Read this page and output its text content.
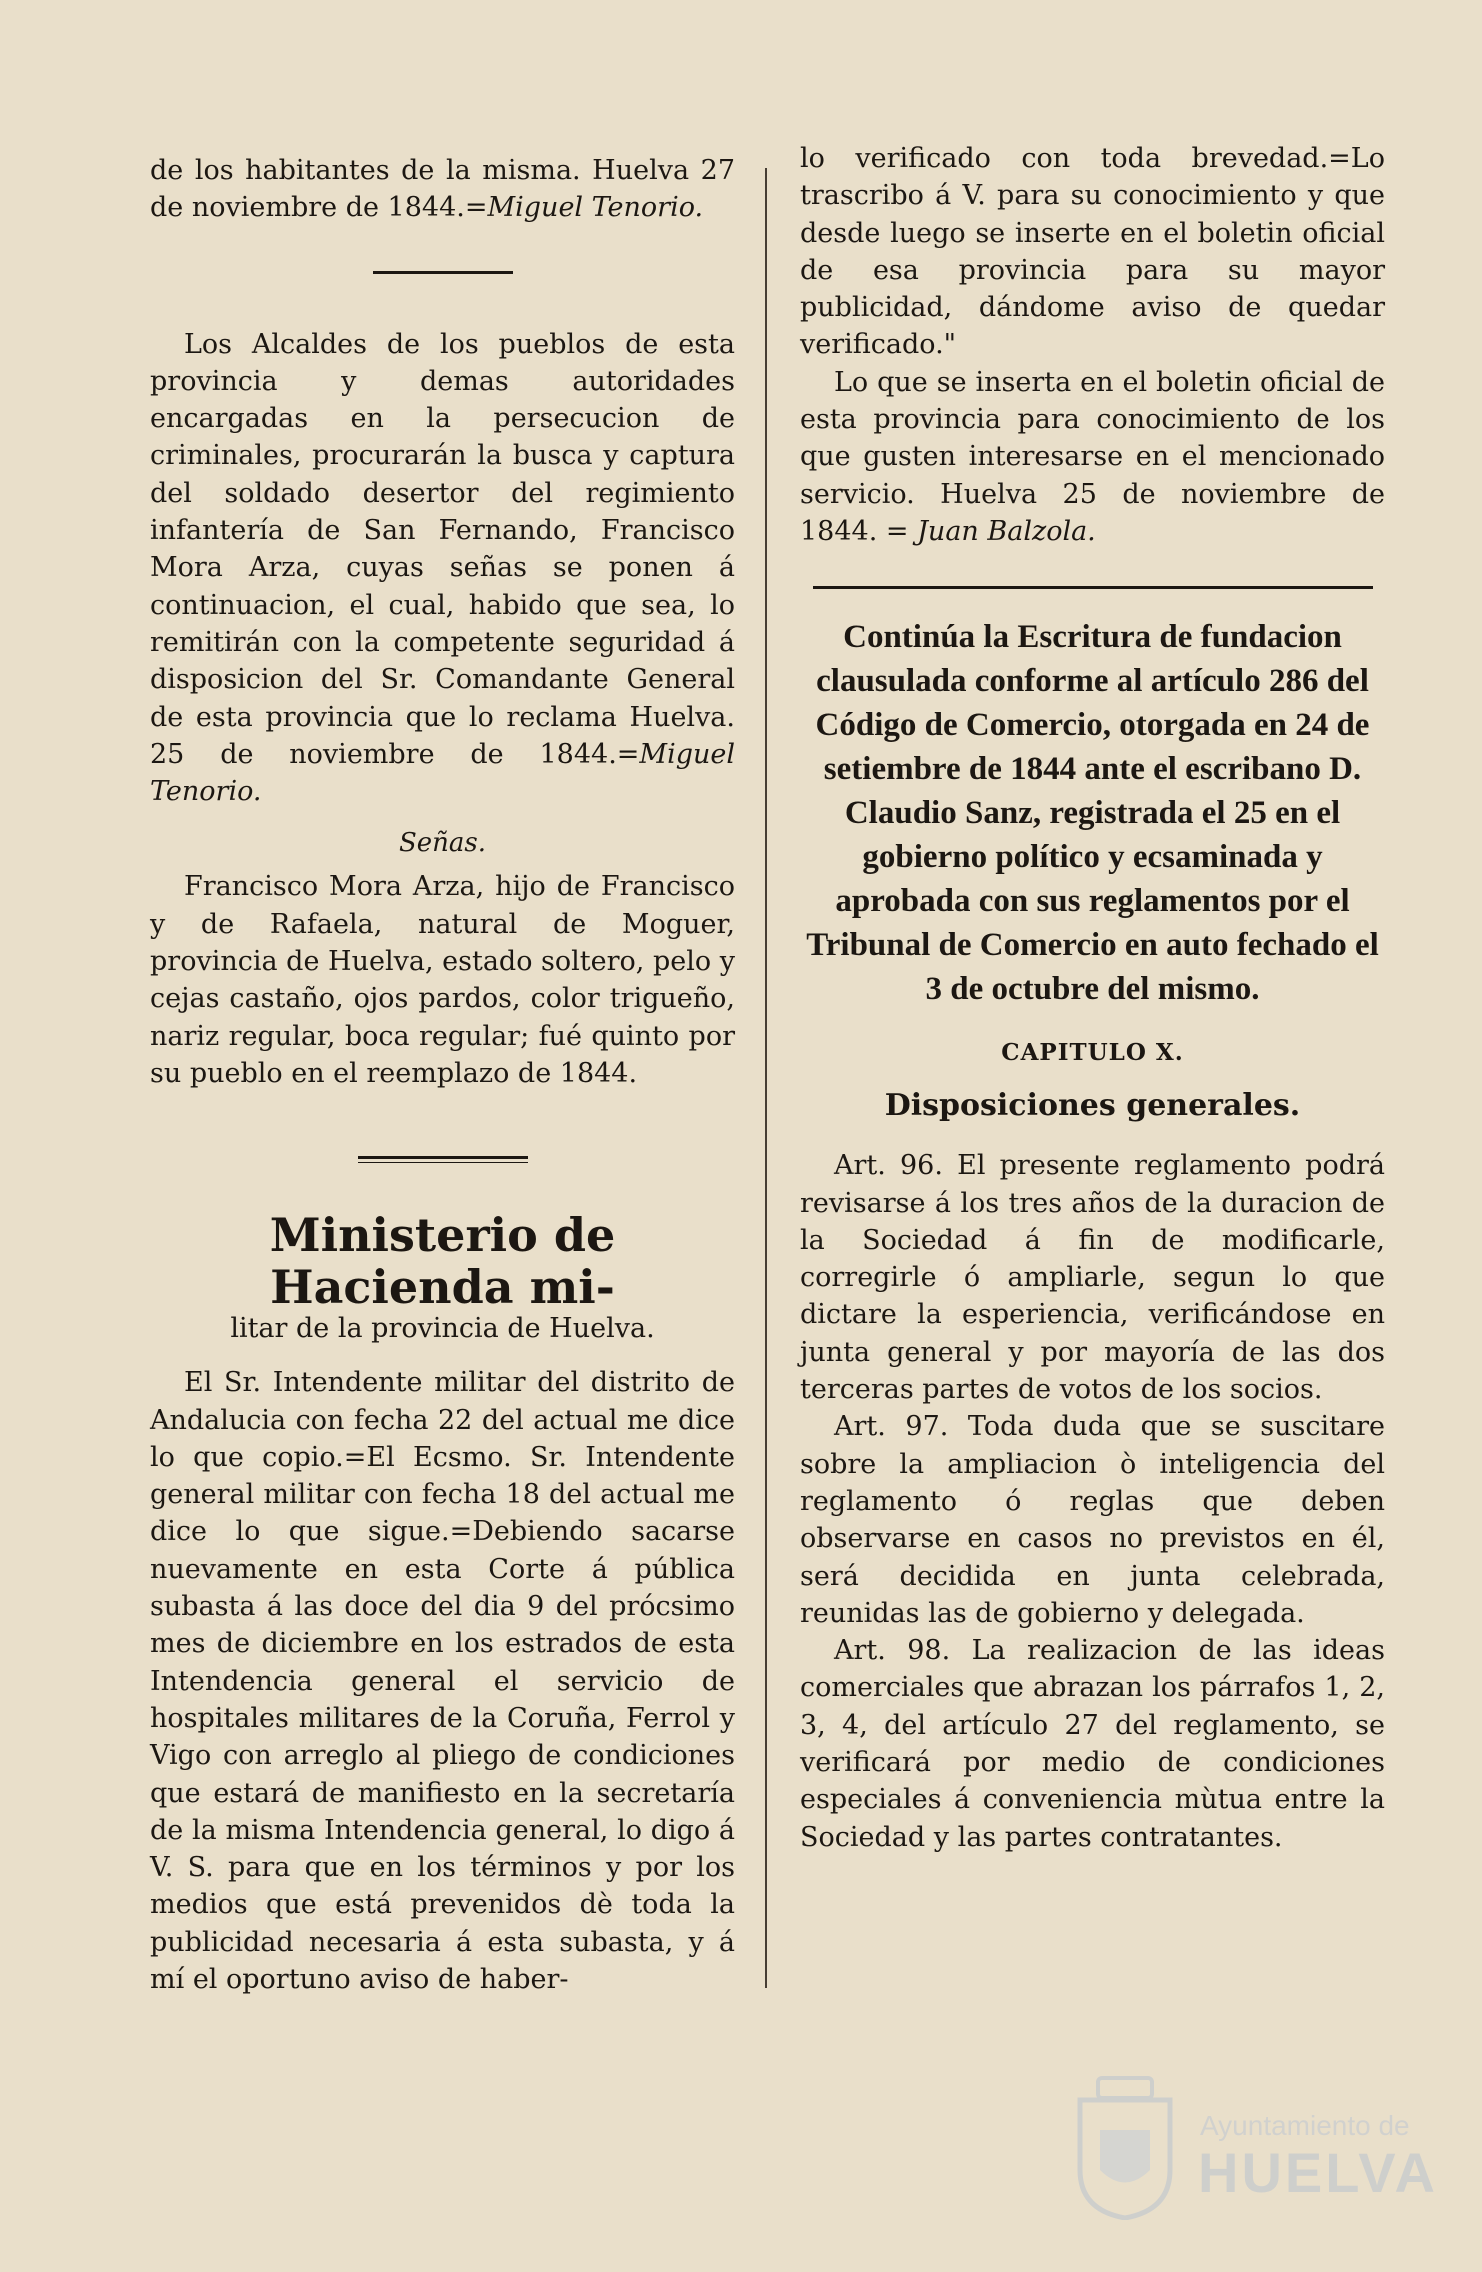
de los habitantes de la misma. Huelva 27 de noviembre de 1844.=Miguel Tenorio.

Los Alcaldes de los pueblos de esta provincia y demas autoridades encargadas en la persecucion de criminales, procurarán la busca y captura del soldado desertor del regimiento infantería de San Fernando, Francisco Mora Arza, cuyas señas se ponen á continuacion, el cual, habido que sea, lo remitirán con la competente seguridad á disposicion del Sr. Comandante General de esta provincia que lo reclama Huelva. 25 de noviembre de 1844.=Miguel Tenorio.

Señas.

Francisco Mora Arza, hijo de Francisco y de Rafaela, natural de Moguer, provincia de Huelva, estado soltero, pelo y cejas castaño, ojos pardos, color trigueño, nariz regular, boca regular; fué quinto por su pueblo en el reemplazo de 1844.

Ministerio de Hacienda mi-

litar de la provincia de Huelva.

El Sr. Intendente militar del distrito de Andalucia con fecha 22 del actual me dice lo que copio.=El Ecsmo. Sr. Intendente general militar con fecha 18 del actual me dice lo que sigue.=Debiendo sacarse nuevamente en esta Corte á pública subasta á las doce del dia 9 del prócsimo mes de diciembre en los estrados de esta Intendencia general el servicio de hospitales militares de la Coruña, Ferrol y Vigo con arreglo al pliego de condiciones que estará de manifiesto en la secretaría de la misma Intendencia general, lo digo á V. S. para que en los términos y por los medios que está prevenidos dè toda la publicidad necesaria á esta subasta, y á mí el oportuno aviso de haber-

lo verificado con toda brevedad.=Lo trascribo á V. para su conocimiento y que desde luego se inserte en el boletin oficial de esa provincia para su mayor publicidad, dándome aviso de quedar verificado."

Lo que se inserta en el boletin oficial de esta provincia para conocimiento de los que gusten interesarse en el mencionado servicio. Huelva 25 de noviembre de 1844. = Juan Balzola.

Continúa la Escritura de fundacion clausulada conforme al artículo 286 del Código de Comercio, otorgada en 24 de setiembre de 1844 ante el escribano D. Claudio Sanz, registrada el 25 en el gobierno político y ecsaminada y aprobada con sus reglamentos por el Tribunal de Comercio en auto fechado el 3 de octubre del mismo.

CAPITULO X.

Disposiciones generales.

Art. 96. El presente reglamento podrá revisarse á los tres años de la duracion de la Sociedad á fin de modificarle, corregirle ó ampliarle, segun lo que dictare la esperiencia, verificándose en junta general y por mayoría de las dos terceras partes de votos de los socios.

Art. 97. Toda duda que se suscitare sobre la ampliacion ò inteligencia del reglamento ó reglas que deben observarse en casos no previstos en él, será decidida en junta celebrada, reunidas las de gobierno y delegada.

Art. 98. La realizacion de las ideas comerciales que abrazan los párrafos 1, 2, 3, 4, del artículo 27 del reglamento, se verificará por medio de condiciones especiales á conveniencia mùtua entre la Sociedad y las partes contratantes.

Ayuntamiento de
HUELVA
